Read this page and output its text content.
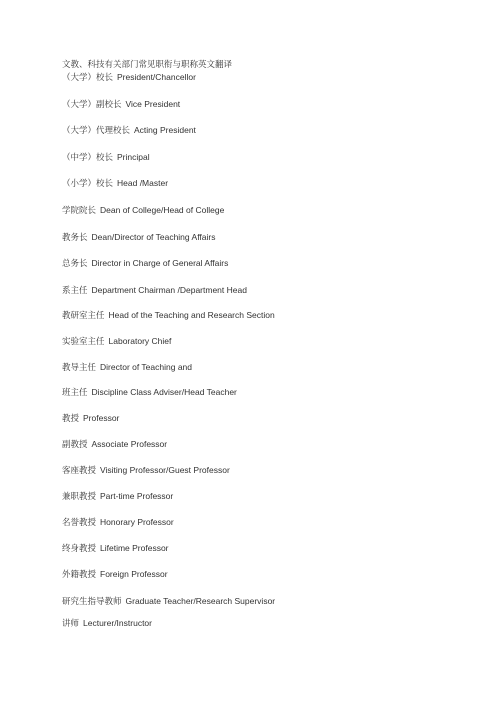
文教、科技有关部门常见职衔与职称英文翻译
（大学）校长 President/Chancellor
（大学）副校长 Vice President
（大学）代理校长 Acting President
（中学）校长 Principal
（小学）校长 Head /Master
学院院长 Dean of College/Head of College
教务长 Dean/Director of Teaching Affairs
总务长 Director in Charge of General Affairs
系主任 Department Chairman /Department Head
教研室主任 Head of the Teaching and Research Section
实验室主任 Laboratory Chief
教导主任 Director of Teaching and
班主任 Discipline Class Adviser/Head Teacher
教授 Professor
副教授 Associate Professor
客座教授 Visiting Professor/Guest Professor
兼职教授 Part-time Professor
名誉教授 Honorary Professor
终身教授 Lifetime Professor
外籍教授 Foreign Professor
研究生指导教师 Graduate Teacher/Research Supervisor
讲师 Lecturer/Instructor
